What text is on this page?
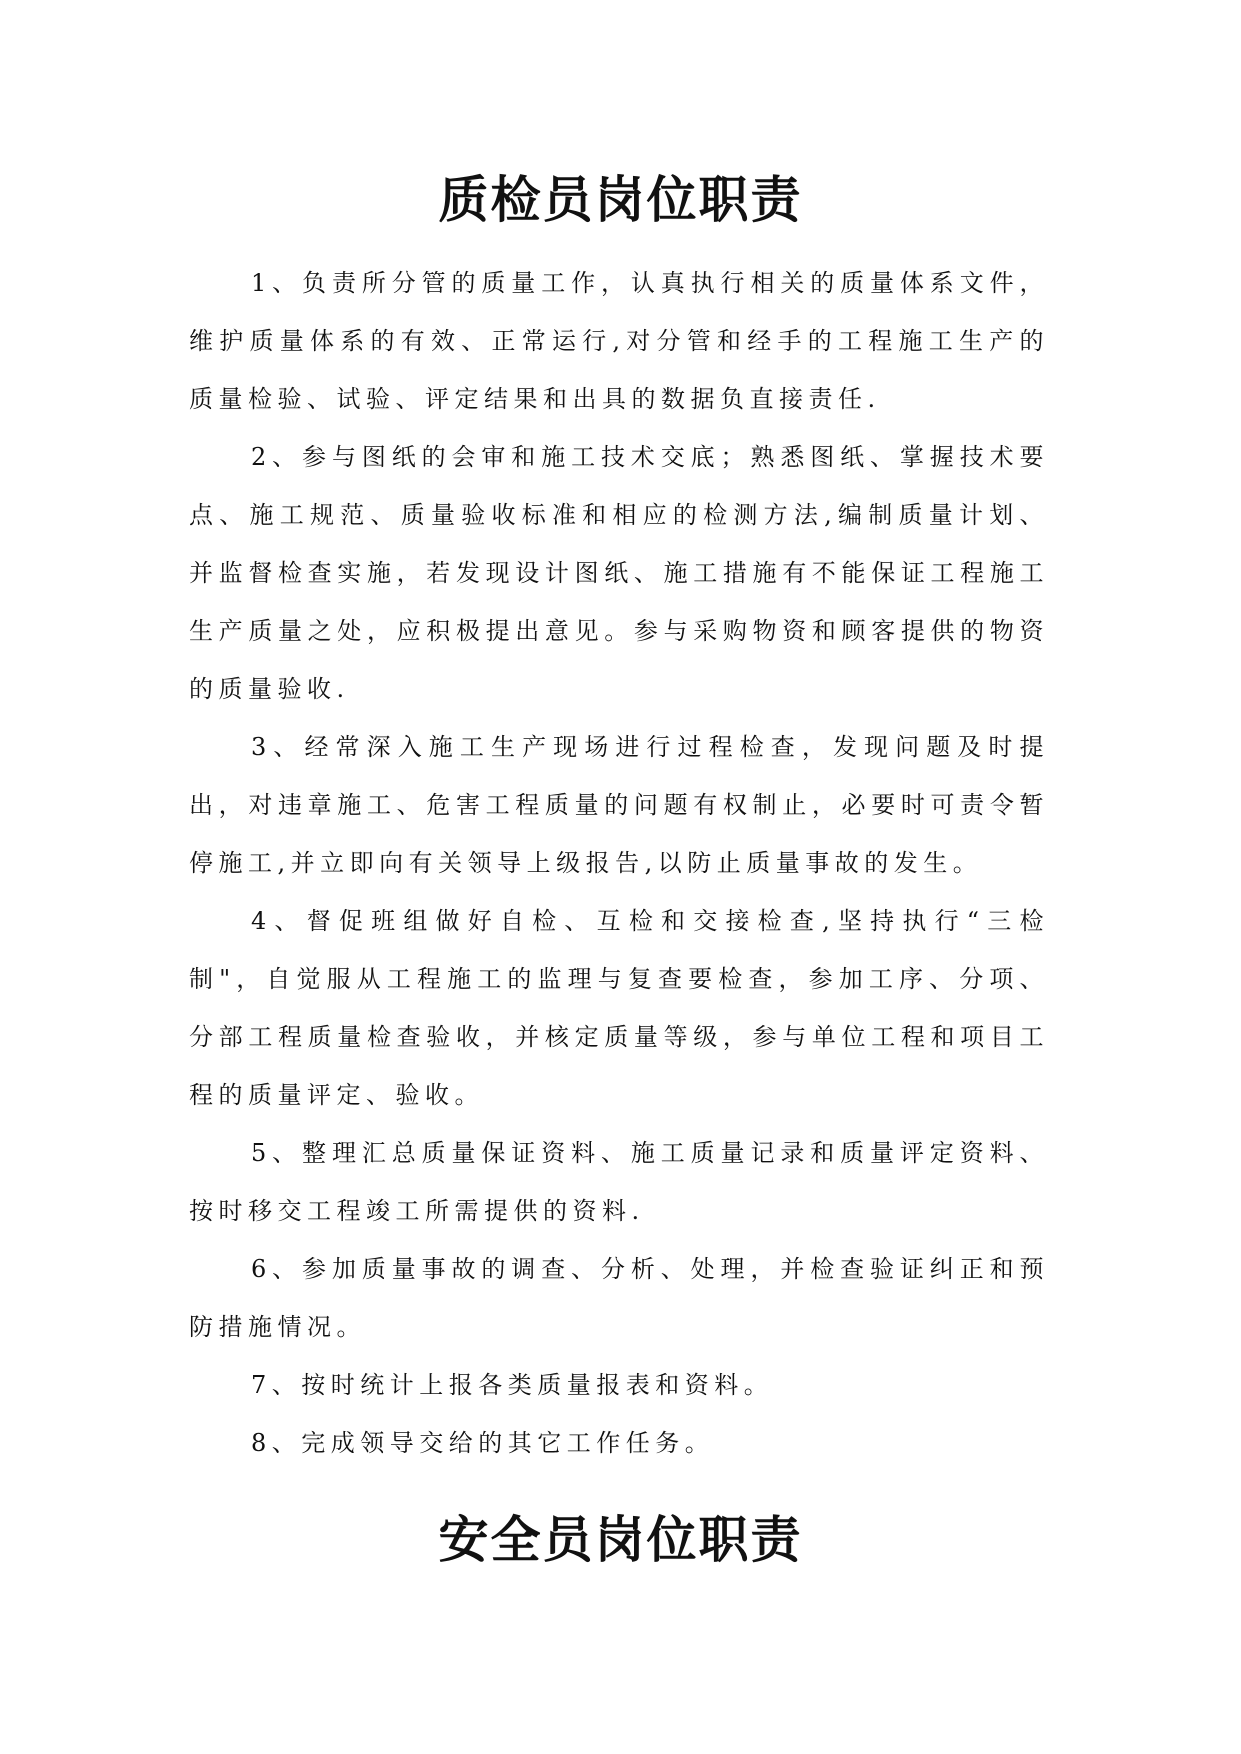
质检员岗位职责

1、负责所分管的质量工作，认真执行相关的质量体系文件，维护质量体系的有效、正常运行,对分管和经手的工程施工生产的质量检验、试验、评定结果和出具的数据负直接责任.

2、参与图纸的会审和施工技术交底；熟悉图纸、掌握技术要点、施工规范、质量验收标准和相应的检测方法,编制质量计划、并监督检查实施，若发现设计图纸、施工措施有不能保证工程施工生产质量之处，应积极提出意见。参与采购物资和顾客提供的物资的质量验收.

3、经常深入施工生产现场进行过程检查，发现问题及时提出，对违章施工、危害工程质量的问题有权制止，必要时可责令暂停施工,并立即向有关领导上级报告,以防止质量事故的发生。

4、督促班组做好自检、互检和交接检查,坚持执行“三检制"，自觉服从工程施工的监理与复查要检查，参加工序、分项、分部工程质量检查验收，并核定质量等级，参与单位工程和项目工程的质量评定、验收。

5、整理汇总质量保证资料、施工质量记录和质量评定资料、按时移交工程竣工所需提供的资料.

6、参加质量事故的调查、分析、处理，并检查验证纠正和预防措施情况。

7、按时统计上报各类质量报表和资料。

8、完成领导交给的其它工作任务。

安全员岗位职责
